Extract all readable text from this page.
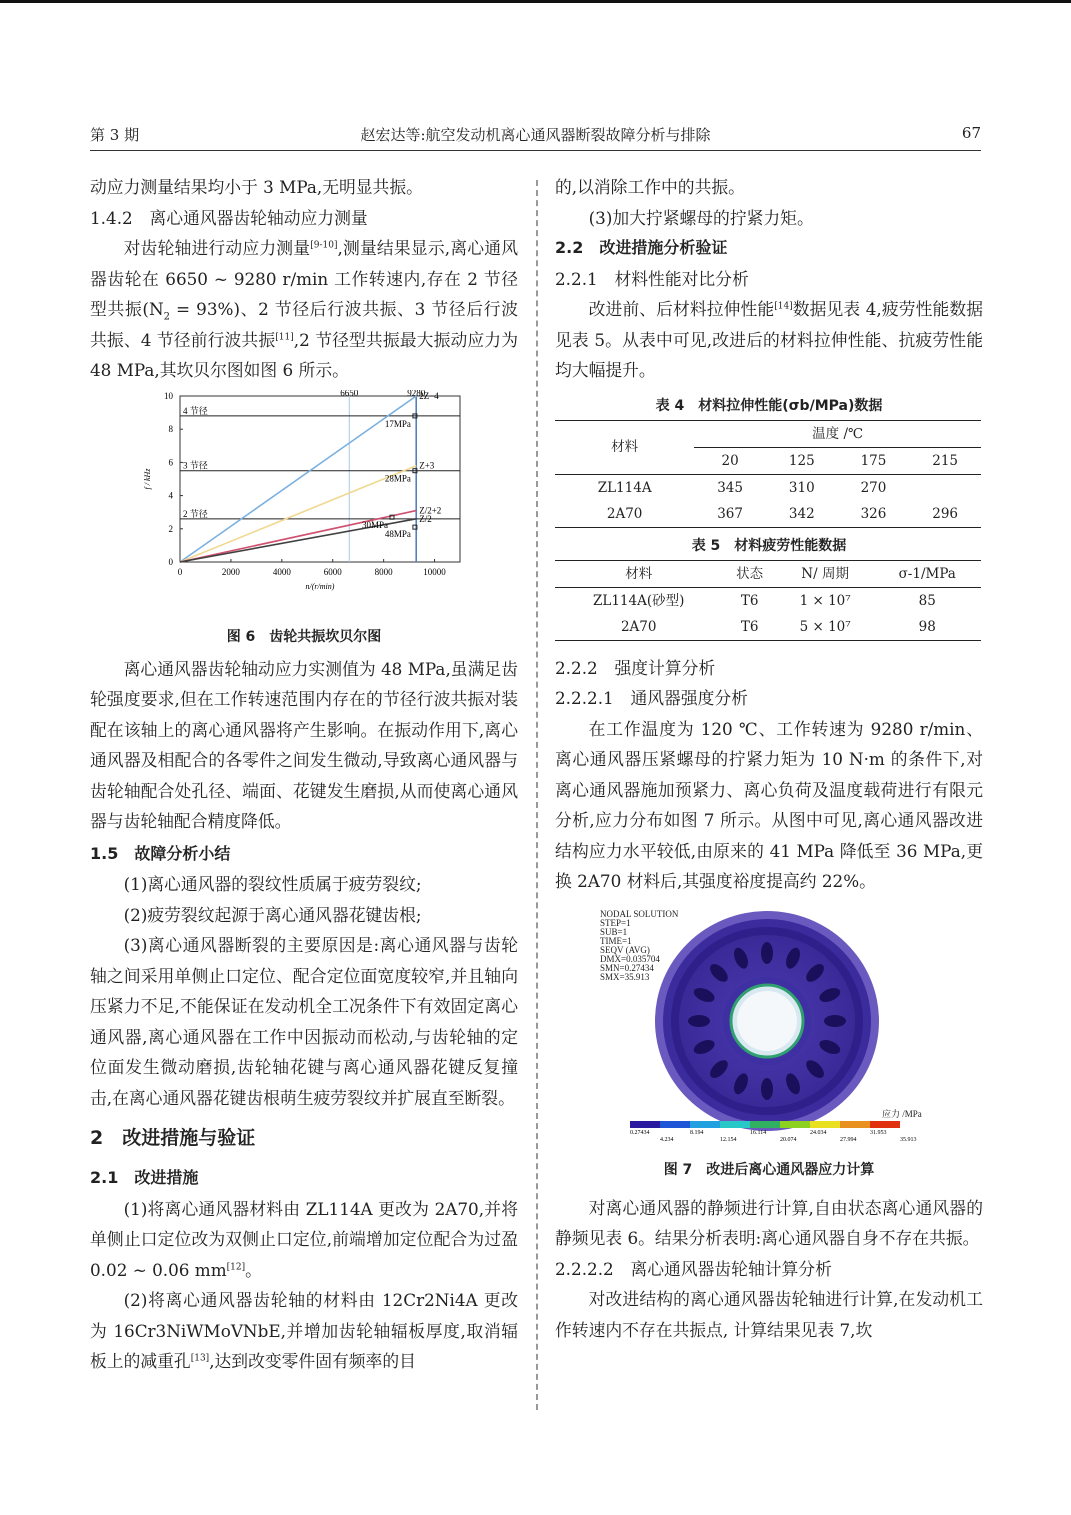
第 3 期	赵宏达等:航空发动机离心通风器断裂故障分析与排除	67

动应力测量结果均小于 3 MPa,无明显共振。

1.4.2　离心通风器齿轮轴动应力测量

对齿轮轴进行动应力测量[9-10],测量结果显示,离心通风器齿轮在 6650 ~ 9280 r/min 工作转速内,存在 2 节径型共振$(N_2 = 93\%)$、2 节径后行波共振、3 节径后行波共振、4 节径前行波共振[11],2 节径型共振最大振动应力为 48 MPa,其坎贝尔图如图 6 所示。

0	2000	4000	6000	8000	10000
0
2
4
6
8
10
n/(r/min)
f / kHz
6650	9280
4 节径
3 节径
2 节径
2Z−4
Z+3
Z/2+2
Z/2
17MPa
28MPa
30MPa
48MPa

图 6　齿轮共振坎贝尔图

离心通风器齿轮轴动应力实测值为 48 MPa,虽满足齿轮强度要求,但在工作转速范围内存在的节径行波共振对装配在该轴上的离心通风器将产生影响。在振动作用下,离心通风器及相配合的各零件之间发生微动,导致离心通风器与齿轮轴配合处孔径、端面、花键发生磨损,从而使离心通风器与齿轮轴配合精度降低。

1.5　故障分析小结

(1)离心通风器的裂纹性质属于疲劳裂纹;

(2)疲劳裂纹起源于离心通风器花键齿根;

(3)离心通风器断裂的主要原因是:离心通风器与齿轮轴之间采用单侧止口定位、配合定位面宽度较窄,并且轴向压紧力不足,不能保证在发动机全工况条件下有效固定离心通风器,离心通风器在工作中因振动而松动,与齿轮轴的定位面发生微动磨损,齿轮轴花键与离心通风器花键反复撞击,在离心通风器花键齿根萌生疲劳裂纹并扩展直至断裂。

2　改进措施与验证

2.1　改进措施

(1)将离心通风器材料由 ZL114A 更改为 2A70,并将单侧止口定位改为双侧止口定位,前端增加定位配合为过盈 0.02 ~ 0.06 mm[12]。

(2)将离心通风器齿轮轴的材料由 12Cr2Ni4A 更改为 16Cr3NiWMoVNbE,并增加齿轮轴辐板厚度,取消辐板上的减重孔[13],达到改变零件固有频率的目

的,以消除工作中的共振。

(3)加大拧紧螺母的拧紧力矩。

2.2　改进措施分析验证

2.2.1　材料性能对比分析

改进前、后材料拉伸性能[14]数据见表 4,疲劳性能数据见表 5。从表中可见,改进后的材料拉伸性能、抗疲劳性能均大幅提升。

表 4　材料拉伸性能(σb/MPa)数据

材料	温度 /℃			
	20	125	175	215
ZL114A	345	310	270	
2A70	367	342	326	296

表 5　材料疲劳性能数据

材料	状态	N/ 周期	σ-1/MPa
ZL114A(砂型)	T6	1 × 10⁷	85
2A70	T6	5 × 10⁷	98

2.2.2　强度计算分析

2.2.2.1　通风器强度分析

在工作温度为 120 ℃、工作转速为 9280 r/min、离心通风器压紧螺母的拧紧力矩为 10 N·m 的条件下,对离心通风器施加预紧力、离心负荷及温度载荷进行有限元分析,应力分布如图 7 所示。从图中可见,离心通风器改进结构应力水平较低,由原来的 41 MPa 降低至 36 MPa,更换 2A70 材料后,其强度裕度提高约 22%。

NODAL SOLUTION
STEP=1
SUB=1
TIME=1
SEQV (AVG)
DMX=0.035704
SMN=0.27434
SMX=35.913
0.27434	8.194	16.114	24.034	31.953
4.234	12.154	20.074	27.994	35.913
应力 /MPa

图 7　改进后离心通风器应力计算

对离心通风器的静频进行计算,自由状态离心通风器的静频见表 6。结果分析表明:离心通风器自身不存在共振。

2.2.2.2　离心通风器齿轮轴计算分析

对改进结构的离心通风器齿轮轴进行计算,在发动机工作转速内不存在共振点, 计算结果见表 7,坎
